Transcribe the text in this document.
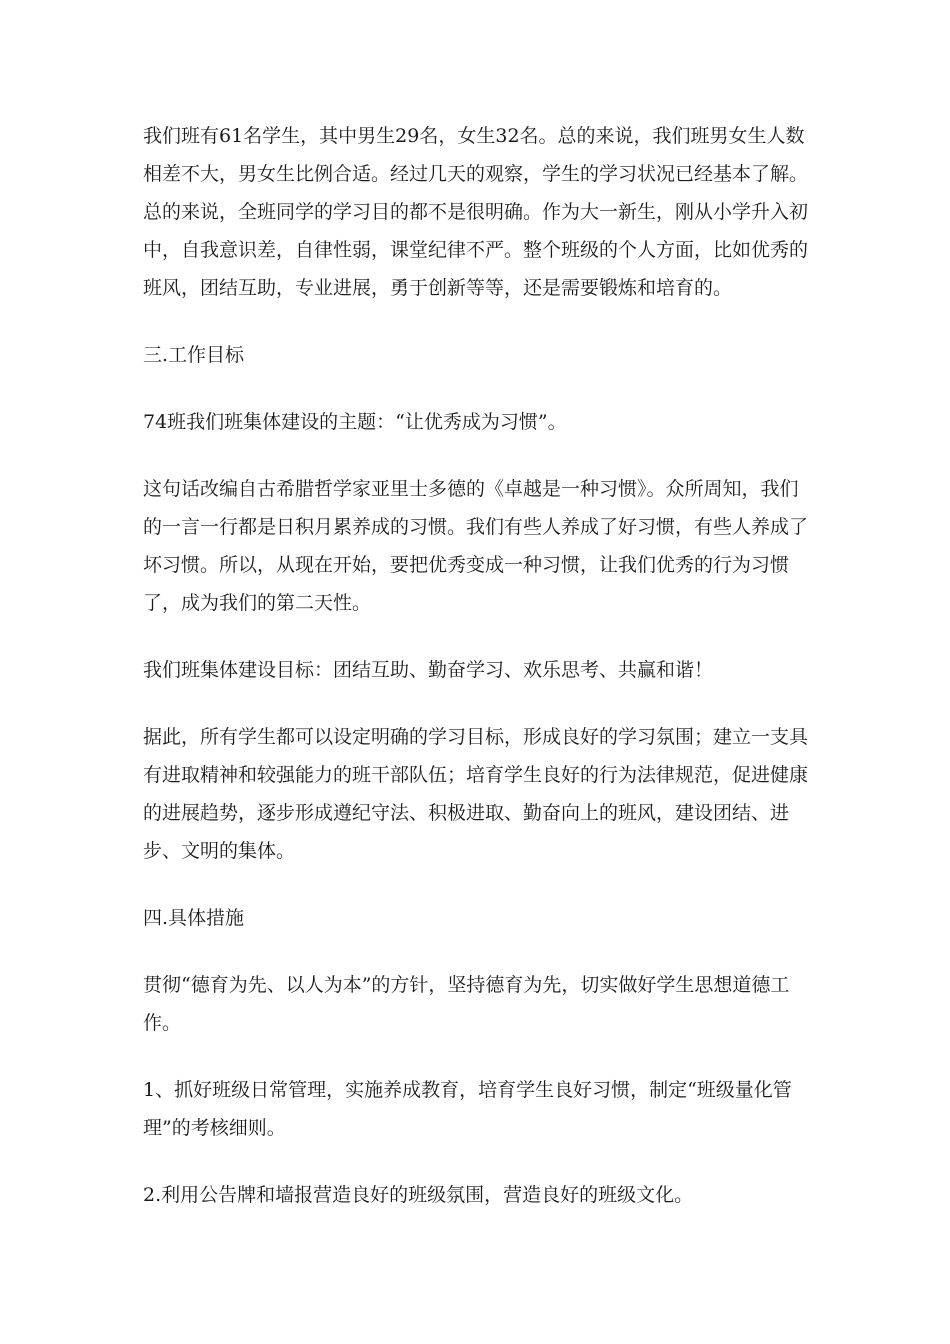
我们班有61名学生，其中男生29名，女生32名。总的来说，我们班男女生人数相差不大，男女生比例合适。经过几天的观察，学生的学习状况已经基本了解。总的来说，全班同学的学习目的都不是很明确。作为大一新生，刚从小学升入初中，自我意识差，自律性弱，课堂纪律不严。整个班级的个人方面，比如优秀的班风，团结互助，专业进展，勇于创新等等，还是需要锻炼和培育的。

三.工作目标

74班我们班集体建设的主题：“让优秀成为习惯”。

这句话改编自古希腊哲学家亚里士多德的《卓越是一种习惯》。众所周知，我们的一言一行都是日积月累养成的习惯。我们有些人养成了好习惯，有些人养成了坏习惯。所以，从现在开始，要把优秀变成一种习惯，让我们优秀的行为习惯了，成为我们的第二天性。

我们班集体建设目标：团结互助、勤奋学习、欢乐思考、共赢和谐！

据此，所有学生都可以设定明确的学习目标，形成良好的学习氛围；建立一支具有进取精神和较强能力的班干部队伍；培育学生良好的行为法律规范，促进健康的进展趋势，逐步形成遵纪守法、积极进取、勤奋向上的班风，建设团结、进步、文明的集体。

四.具体措施

贯彻“德育为先、以人为本”的方针，坚持德育为先，切实做好学生思想道德工作。

1、抓好班级日常管理，实施养成教育，培育学生良好习惯，制定“班级量化管理”的考核细则。

2.利用公告牌和墙报营造良好的班级氛围，营造良好的班级文化。
